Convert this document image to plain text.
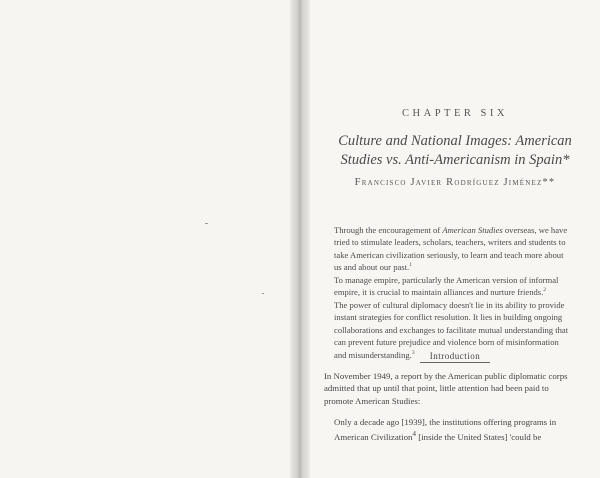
CHAPTER SIX
Culture and National Images: American
Studies vs. Anti-Americanism in Spain*
Francisco Javier Rodríguez Jiménez**

Through the encouragement of American Studies overseas, we have tried to stimulate leaders, scholars, teachers, writers and students to take American civilization seriously, to learn and teach more about us and about our past.$^1$

To manage empire, particularly the American version of informal empire, it is crucial to maintain alliances and nurture friends.$^2$

The power of cultural diplomacy doesn't lie in its ability to provide instant strategies for conflict resolution. It lies in building ongoing collaborations and exchanges to facilitate mutual understanding that can prevent future prejudice and violence born of misinformation and misunderstanding.$^3$	Introduction

In November 1949, a report by the American public diplomatic corps admitted that up until that point, little attention had been paid to promote American Studies:

Only a decade ago [1939], the institutions offering programs in American Civilization$^4$ [inside the United States] 'could be
